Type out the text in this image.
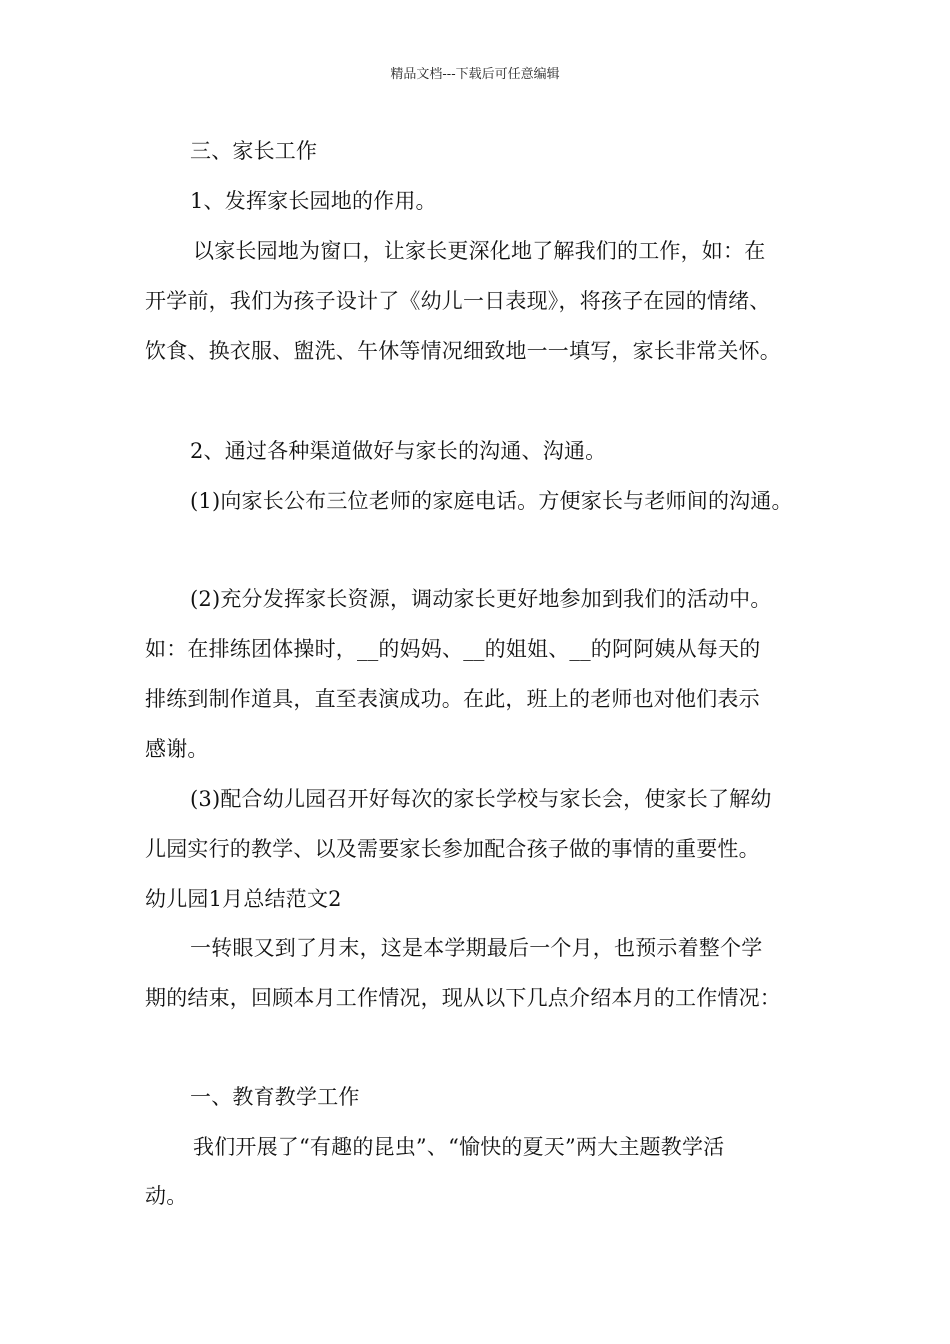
精品文档---下载后可任意编辑
三、家长工作
1、发挥家长园地的作用。
以家长园地为窗口，让家长更深化地了解我们的工作，如：在
开学前，我们为孩子设计了《幼儿一日表现》，将孩子在园的情绪、
饮食、换衣服、盥洗、午休等情况细致地一一填写，家长非常关怀。
2、通过各种渠道做好与家长的沟通、沟通。
(1)向家长公布三位老师的家庭电话。方便家长与老师间的沟通。
(2)充分发挥家长资源，调动家长更好地参加到我们的活动中。
如：在排练团体操时，__的妈妈、__的姐姐、__的阿阿姨从每天的
排练到制作道具，直至表演成功。在此，班上的老师也对他们表示
感谢。
(3)配合幼儿园召开好每次的家长学校与家长会，使家长了解幼
儿园实行的教学、以及需要家长参加配合孩子做的事情的重要性。
幼儿园1月总结范文2
一转眼又到了月末，这是本学期最后一个月，也预示着整个学
期的结束，回顾本月工作情况，现从以下几点介绍本月的工作情况：
一、教育教学工作
我们开展了“有趣的昆虫”、“愉快的夏天”两大主题教学活
动。
